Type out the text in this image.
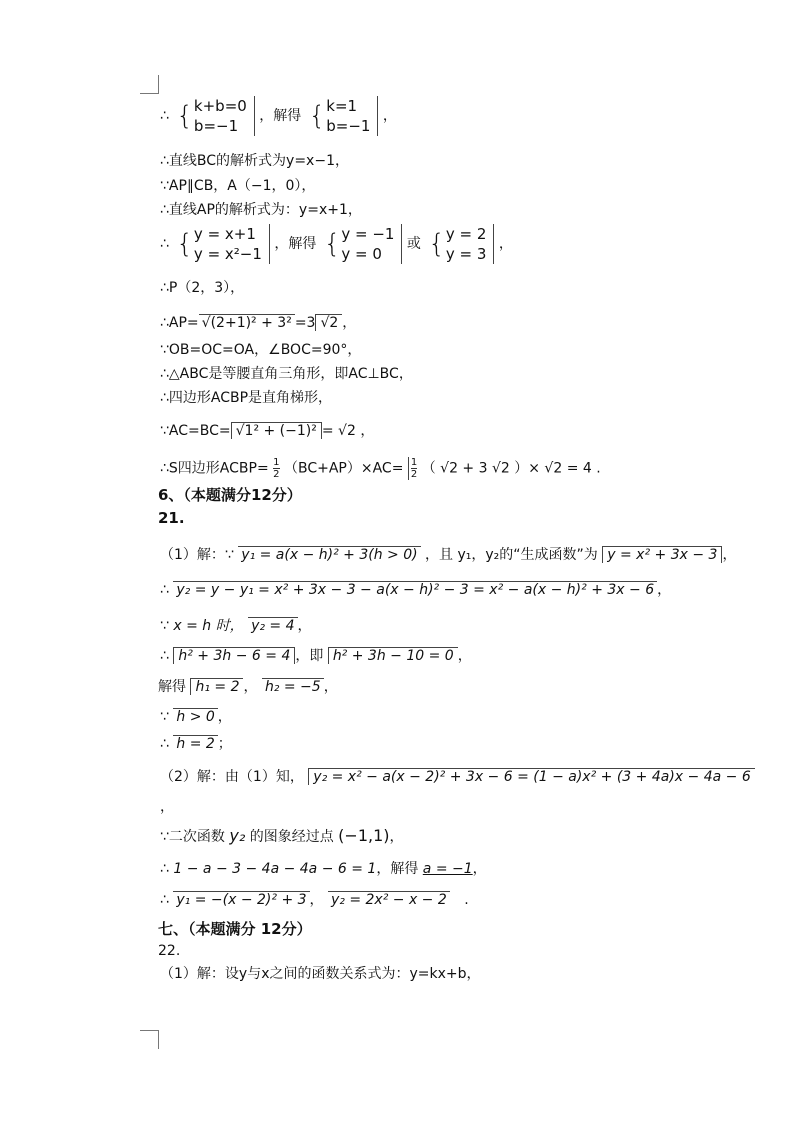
∴ { k+b=0
b=−1
，解得 { k=1
b=−1
，
∴直线BC的解析式为y=x−1，
∵AP∥CB，A（−1，0），
∴直线AP的解析式为：y=x+1，
∴ { y = x+1
y = x²−1
，解得 { y = −1
y = 0
或 { y = 2
y = 3
，
∴P（2，3），
∴AP= √(2+1)² + 3² =3 √2 ，
∵OB=OC=OA，∠BOC=90°，
∴△ABC是等腰直角三角形，即AC⊥BC，
∴四边形ACBP是直角梯形，
∵AC=BC= √1² + (−1)² = √2 ，
∴S四边形ACBP= $\frac{1}{2} (BC+AP)\times AC= \frac{1}{2}$ （ √2 + 3 √2 ）× √2 = 4 .
6、（本题满分12分）
21.
（1）解：∵ y₁ = a(x − h)² + 3(h > 0) ，且 y₁，y₂的“生成函数”为 y = x² + 3x − 3 ，
∴ y₂ = y − y₁ = x² + 3x − 3 − a(x − h)² − 3 = x² − a(x − h)² + 3x − 6 ，
∵ x = h 时， y₂ = 4 ，
∴ h² + 3h − 6 = 4 ，即 h² + 3h − 10 = 0 ，
解得 h₁ = 2 ， h₂ = −5 ，
∵ h > 0 ，
∴ h = 2 ；
（2）解：由（1）知， y₂ = x² − a(x − 2)² + 3x − 6 = (1 − a)x² + (3 + 4a)x − 4a − 6
，
∵二次函数 y₂ 的图象经过点 (−1,1)，
∴ 1 − a − 3 − 4a − 4a − 6 = 1，解得 a = −1，
∴ y₁ = −(x − 2)² + 3 ， y₂ = 2x² − x − 2 .
七、（本题满分 12分）
22.
（1）解：设y与x之间的函数关系式为：y=kx+b，
